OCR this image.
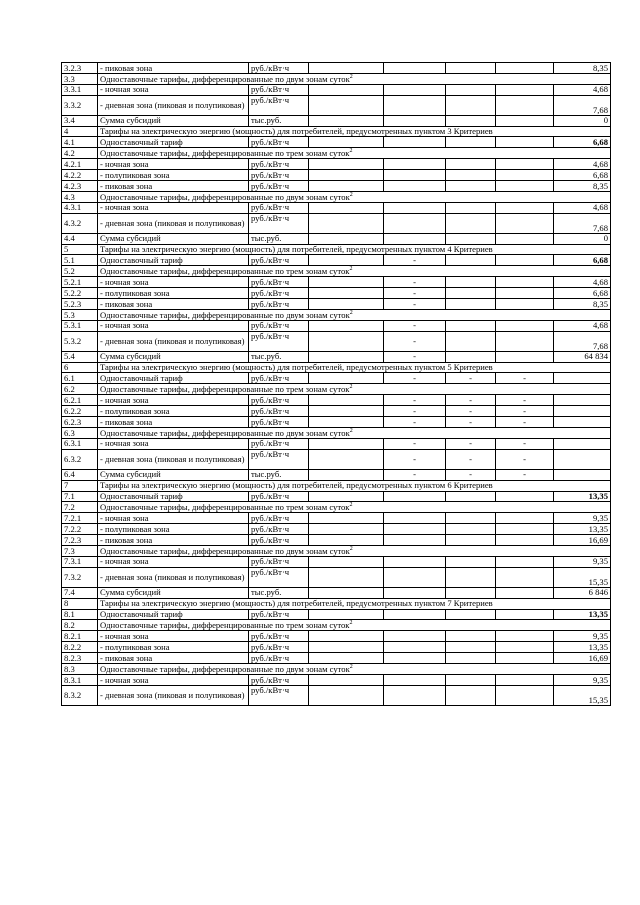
3.2.3	- пиковая зона	руб./кВт·ч					8,35	
3.3	Одноставочные тарифы, дифференцированные по двум зонам суток$^2$
3.3.1	- ночная зона	руб./кВт·ч					4,68	
3.3.2	- дневная зона (пиковая и полупиковая)	руб./кВт·ч					7,68	
3.4	Сумма субсидий	тыс.руб.					0	
4	Тарифы на электрическую энергию (мощность) для потребителей, предусмотренных пунктом 3 Критериев							
4.1	Одноставочный тариф	руб./кВт·ч					6,68	
4.2	Одноставочные тарифы, дифференцированные по трем зонам суток$^2$
4.2.1	- ночная зона	руб./кВт·ч					4,68	
4.2.2	- полупиковая зона	руб./кВт·ч					6,68	
4.2.3	- пиковая зона	руб./кВт·ч					8,35	
4.3	Одноставочные тарифы, дифференцированные по двум зонам суток$^2$
4.3.1	- ночная зона	руб./кВт·ч					4,68	
4.3.2	- дневная зона (пиковая и полупиковая)	руб./кВт·ч					7,68	
4.4	Сумма субсидий	тыс.руб.					0	
5	Тарифы на электрическую энергию (мощность) для потребителей, предусмотренных пунктом 4 Критериев							
5.1	Одноставочный тариф	руб./кВт·ч		-			6,68	
5.2	Одноставочные тарифы, дифференцированные по трем зонам суток$^2$
5.2.1	- ночная зона	руб./кВт·ч		-			4,68	
5.2.2	- полупиковая зона	руб./кВт·ч		-			6,68	
5.2.3	- пиковая зона	руб./кВт·ч		-			8,35	
5.3	Одноставочные тарифы, дифференцированные по двум зонам суток$^2$
5.3.1	- ночная зона	руб./кВт·ч		-			4,68	
5.3.2	- дневная зона (пиковая и полупиковая)	руб./кВт·ч		-			7,68	
5.4	Сумма субсидий	тыс.руб.		-			64 834	
6	Тарифы на электрическую энергию (мощность) для потребителей, предусмотренных пунктом 5 Критериев							
6.1	Одноставочный тариф	руб./кВт·ч		-	-	-		
6.2	Одноставочные тарифы, дифференцированные по трем зонам суток$^2$
6.2.1	- ночная зона	руб./кВт·ч		-	-	-		
6.2.2	- полупиковая зона	руб./кВт·ч		-	-	-		
6.2.3	- пиковая зона	руб./кВт·ч		-	-	-		
6.3	Одноставочные тарифы, дифференцированные по двум зонам суток$^2$
6.3.1	- ночная зона	руб./кВт·ч		-	-	-		
6.3.2	- дневная зона (пиковая и полупиковая)	руб./кВт·ч		-	-	-		
6.4	Сумма субсидий	тыс.руб.		-	-	-		
7	Тарифы на электрическую энергию (мощность) для потребителей, предусмотренных пунктом 6 Критериев							
7.1	Одноставочный тариф	руб./кВт·ч					13,35	
7.2	Одноставочные тарифы, дифференцированные по трем зонам суток$^2$
7.2.1	- ночная зона	руб./кВт·ч					9,35	
7.2.2	- полупиковая зона	руб./кВт·ч					13,35	
7.2.3	- пиковая зона	руб./кВт·ч					16,69	
7.3	Одноставочные тарифы, дифференцированные по двум зонам суток$^2$
7.3.1	- ночная зона	руб./кВт·ч					9,35	
7.3.2	- дневная зона (пиковая и полупиковая)	руб./кВт·ч					15,35	
7.4	Сумма субсидий	тыс.руб.					6 846	
8	Тарифы на электрическую энергию (мощность) для потребителей, предусмотренных пунктом 7 Критериев							
8.1	Одноставочный тариф	руб./кВт·ч					13,35	
8.2	Одноставочные тарифы, дифференцированные по трем зонам суток$^2$
8.2.1	- ночная зона	руб./кВт·ч					9,35	
8.2.2	- полупиковая зона	руб./кВт·ч					13,35	
8.2.3	- пиковая зона	руб./кВт·ч					16,69	
8.3	Одноставочные тарифы, дифференцированные по двум зонам суток$^2$
8.3.1	- ночная зона	руб./кВт·ч					9,35	
8.3.2	- дневная зона (пиковая и полупиковая)	руб./кВт·ч					15,35	
